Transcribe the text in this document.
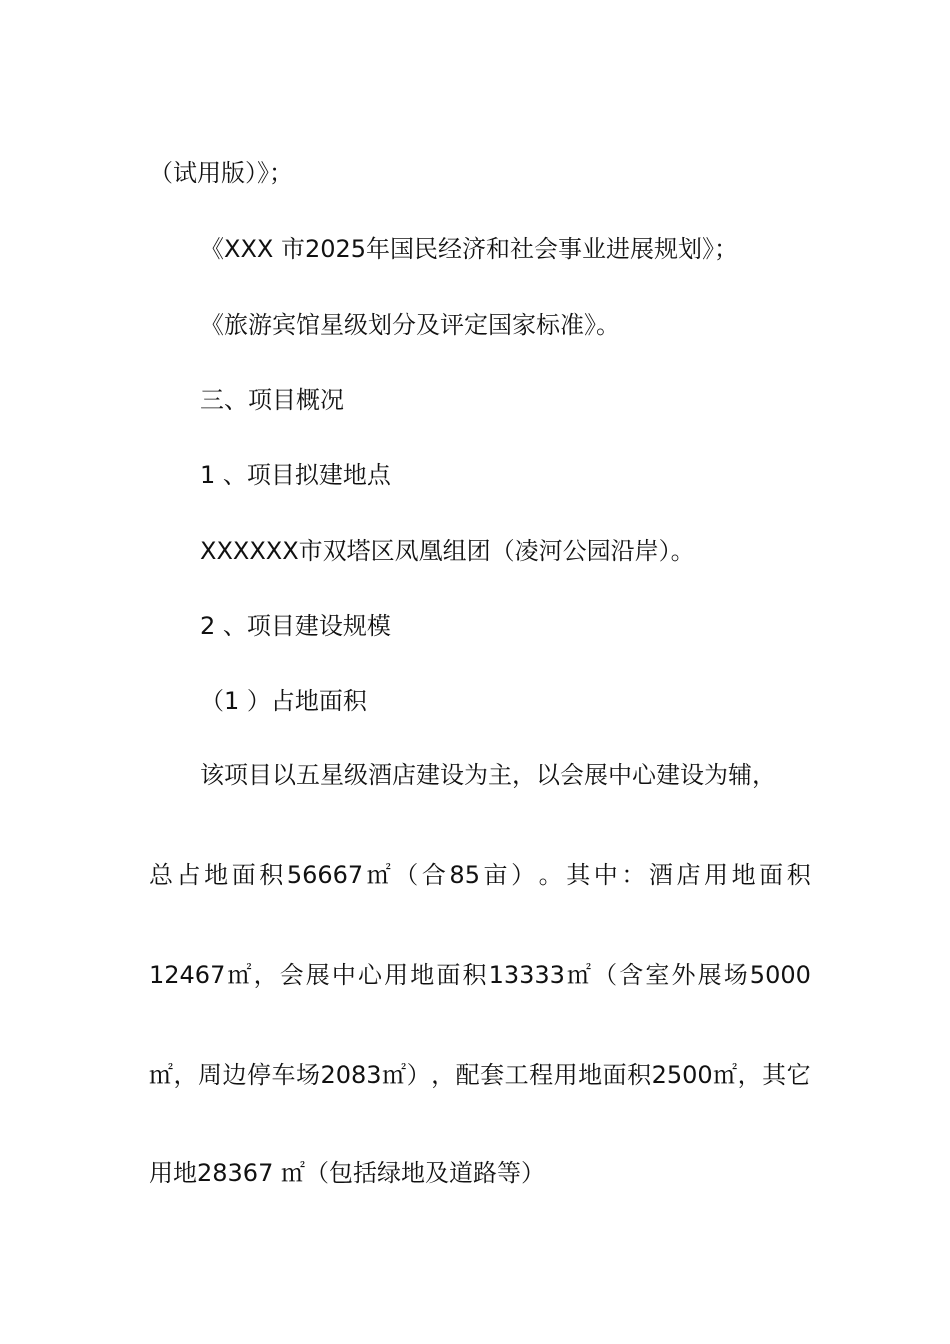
（试用版）》；
《XXX 市2025年国民经济和社会事业进展规划》；
《旅游宾馆星级划分及评定国家标准》。
三、项目概况
1 、项目拟建地点
XXXXXX市双塔区凤凰组团（凌河公园沿岸）。
2 、项目建设规模
（1 ）占地面积
该项目以五星级酒店建设为主，以会展中心建设为辅，
总 占 地 面 积 56667 ㎡ （ 合 85 亩 ） 。 其 中 ： 酒 店 用 地 面 积
12467 ㎡ ， 会 展 中 心 用 地 面 积 13333 ㎡ （ 含 室 外 展 场 5000
㎡ ， 周 边 停 车 场 2083 ㎡ ） ， 配 套 工 程 用 地 面 积 2500 ㎡ ， 其 它
用地28367 ㎡（包括绿地及道路等）
